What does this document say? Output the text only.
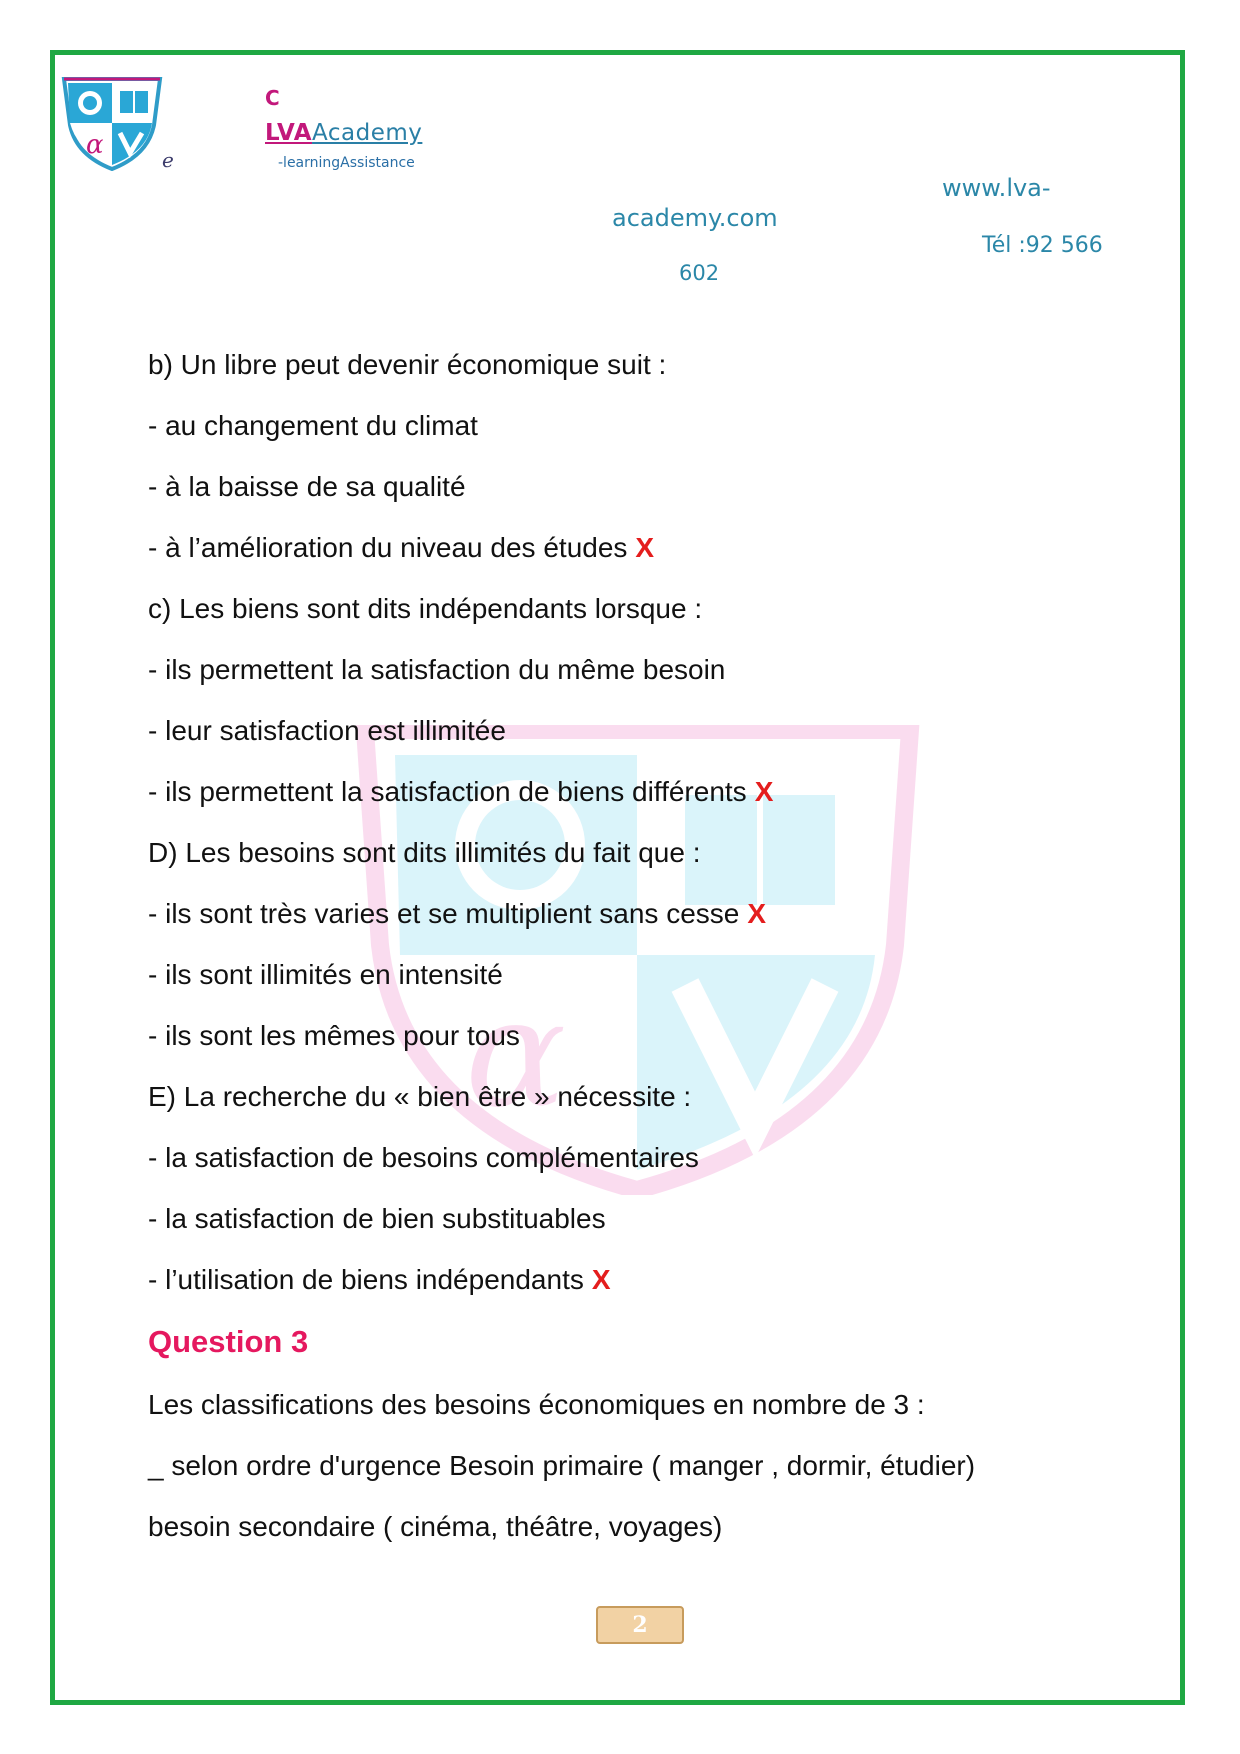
α	e
C
LVAAcademy
-learningAssistance
www.lva-
academy.com
Tél :92 566
602
α
b) Un libre peut devenir économique suit :
- au changement du climat
- à la baisse de sa qualité
- à l’amélioration du niveau des études X
c) Les biens sont dits indépendants lorsque :
- ils permettent la satisfaction du même besoin
- leur satisfaction est illimitée
- ils permettent la satisfaction de biens différents X
D) Les besoins sont dits illimités du fait que :
- ils sont très varies et se multiplient sans cesse X
- ils sont illimités en intensité
- ils sont les mêmes pour tous
E) La recherche du « bien être » nécessite :
- la satisfaction de besoins complémentaires
- la satisfaction de bien substituables
- l’utilisation de biens indépendants X
Question 3
Les classifications des besoins économiques en nombre de 3 :
_ selon ordre d'urgence Besoin primaire ( manger , dormir, étudier)
besoin secondaire ( cinéma, théâtre, voyages)
2
